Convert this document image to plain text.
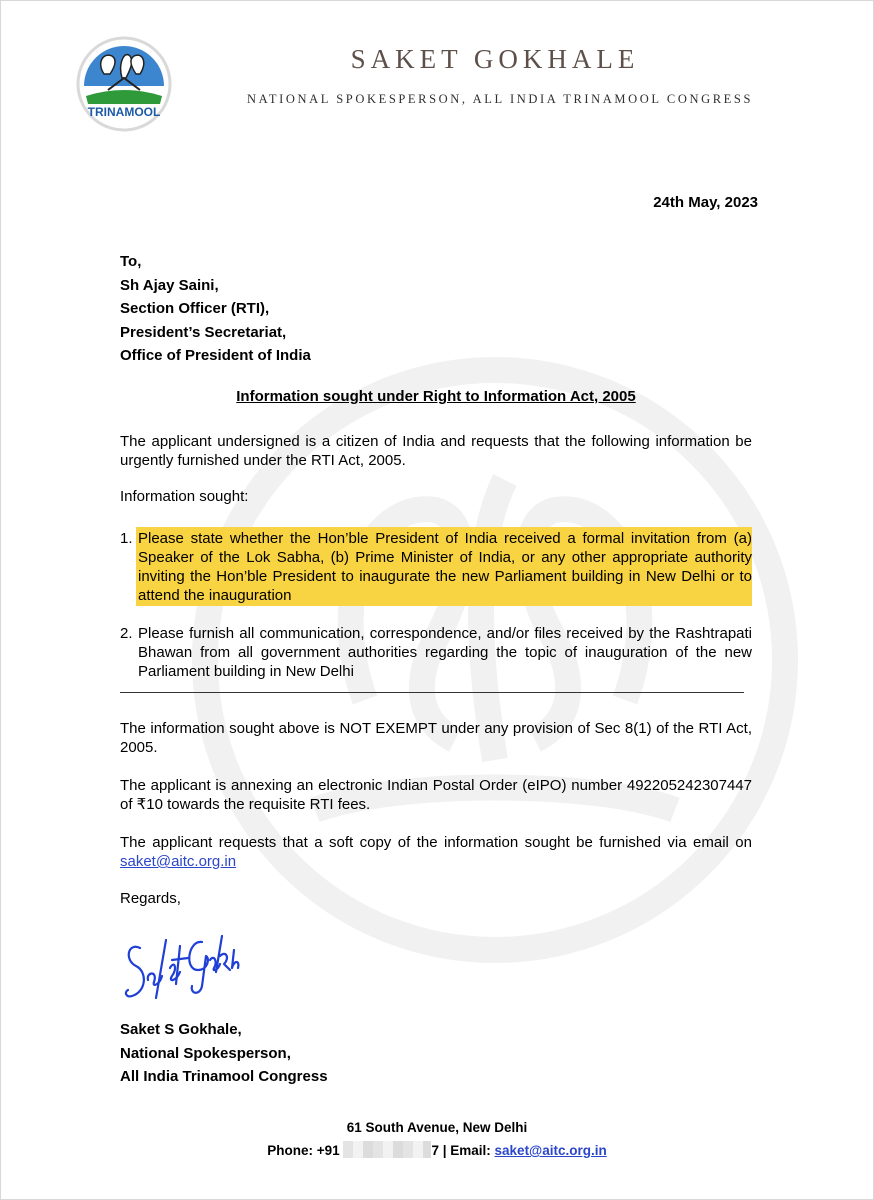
TRINAMOOL
SAKET GOKHALE
NATIONAL SPOKESPERSON, ALL INDIA TRINAMOOL CONGRESS
24th May, 2023
To,
Sh Ajay Saini,
Section Officer (RTI),
President’s Secretariat,
Office of President of India
Information sought under Right to Information Act, 2005
The applicant undersigned is a citizen of India and requests that the following information be urgently furnished under the RTI Act, 2005.
Information sought:
1. Please state whether the Hon’ble President of India received a formal invitation from (a) Speaker of the Lok Sabha, (b) Prime Minister of India, or any other appropriate authority inviting the Hon’ble President to inaugurate the new Parliament building in New Delhi or to attend the inauguration
2. Please furnish all communication, correspondence, and/or files received by the Rashtrapati Bhawan from all government authorities regarding the topic of inauguration of the new Parliament building in New Delhi
The information sought above is NOT EXEMPT under any provision of Sec 8(1) of the RTI Act, 2005.
The applicant is annexing an electronic Indian Postal Order (eIPO) number 492205242307447 of ₹10 towards the requisite RTI fees.
The applicant requests that a soft copy of the information sought be furnished via email on saket@aitc.org.in
Regards,
Saket S Gokhale,
National Spokesperson,
All India Trinamool Congress
61 South Avenue, New Delhi
Phone: +91	7 | Email: saket@aitc.org.in
